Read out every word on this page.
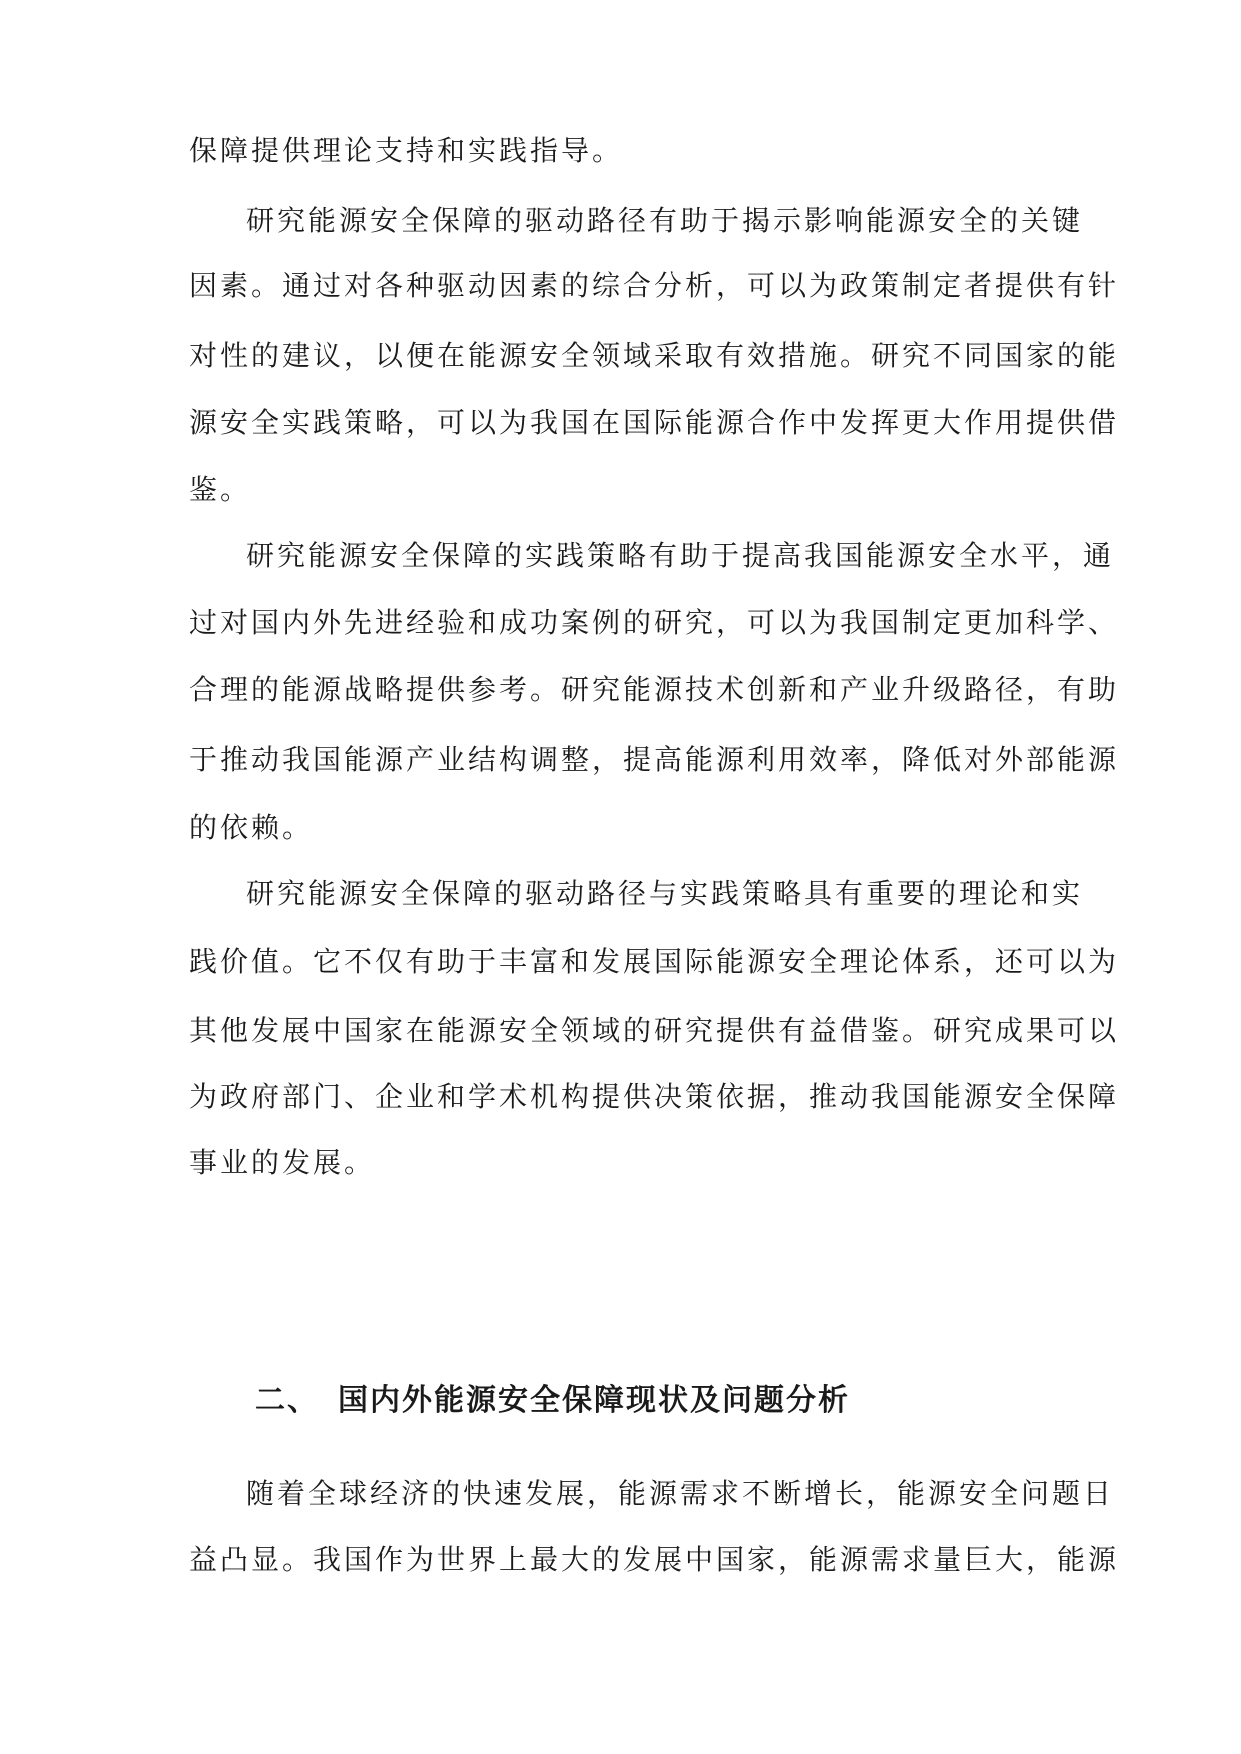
保障提供理论支持和实践指导。
研究能源安全保障的驱动路径有助于揭示影响能源安全的关键
因素。通过对各种驱动因素的综合分析，可以为政策制定者提供有针
对性的建议，以便在能源安全领域采取有效措施。研究不同国家的能
源安全实践策略，可以为我国在国际能源合作中发挥更大作用提供借
鉴。
研究能源安全保障的实践策略有助于提高我国能源安全水平，通
过对国内外先进经验和成功案例的研究，可以为我国制定更加科学、
合理的能源战略提供参考。研究能源技术创新和产业升级路径，有助
于推动我国能源产业结构调整，提高能源利用效率，降低对外部能源
的依赖。
研究能源安全保障的驱动路径与实践策略具有重要的理论和实
践价值。它不仅有助于丰富和发展国际能源安全理论体系，还可以为
其他发展中国家在能源安全领域的研究提供有益借鉴。研究成果可以
为政府部门、企业和学术机构提供决策依据，推动我国能源安全保障
事业的发展。
二、 国内外能源安全保障现状及问题分析
随着全球经济的快速发展，能源需求不断增长，能源安全问题日
益凸显。我国作为世界上最大的发展中国家，能源需求量巨大，能源
